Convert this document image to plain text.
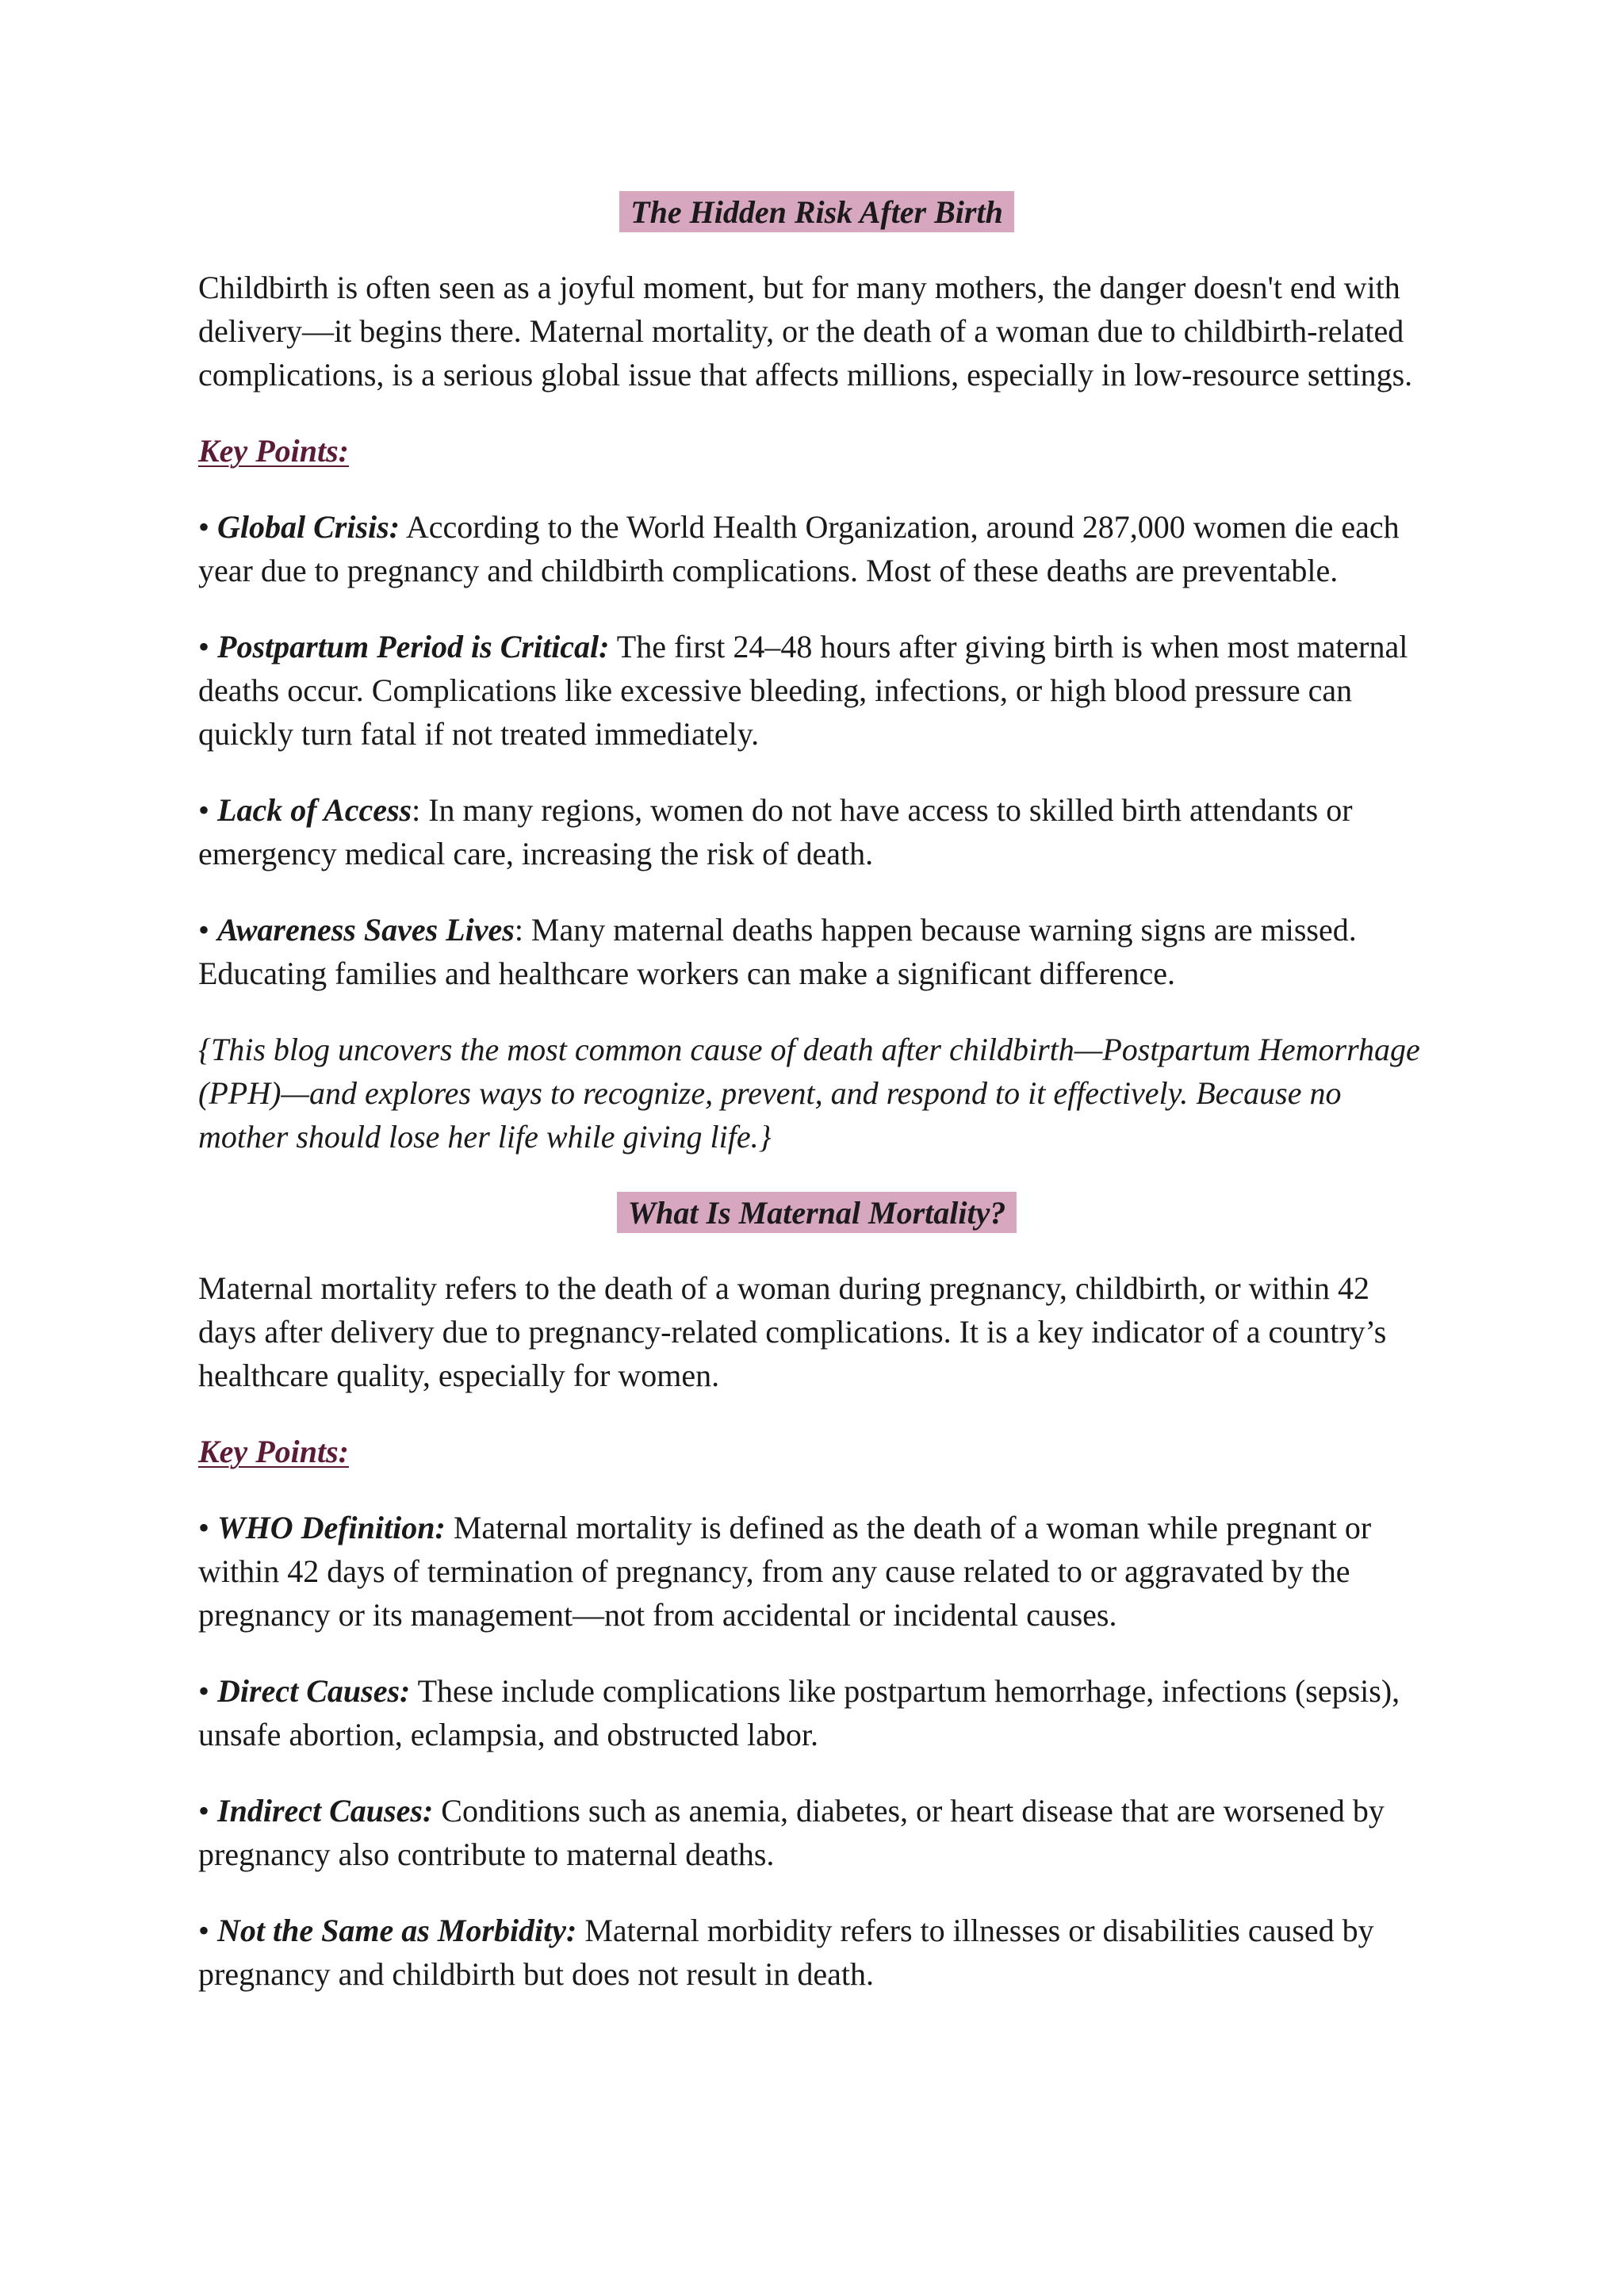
The Hidden Risk After Birth

Childbirth is often seen as a joyful moment, but for many mothers, the danger doesn't end with delivery—it begins there. Maternal mortality, or the death of a woman due to childbirth-related complications, is a serious global issue that affects millions, especially in low-resource settings.

Key Points:

• Global Crisis: According to the World Health Organization, around 287,000 women die each year due to pregnancy and childbirth complications. Most of these deaths are preventable.

• Postpartum Period is Critical: The first 24–48 hours after giving birth is when most maternal deaths occur. Complications like excessive bleeding, infections, or high blood pressure can quickly turn fatal if not treated immediately.

• Lack of Access: In many regions, women do not have access to skilled birth attendants or emergency medical care, increasing the risk of death.

• Awareness Saves Lives: Many maternal deaths happen because warning signs are missed. Educating families and healthcare workers can make a significant difference.

{This blog uncovers the most common cause of death after childbirth—Postpartum Hemorrhage (PPH)—and explores ways to recognize, prevent, and respond to it effectively. Because no mother should lose her life while giving life.}

What Is Maternal Mortality?

Maternal mortality refers to the death of a woman during pregnancy, childbirth, or within 42 days after delivery due to pregnancy-related complications. It is a key indicator of a country’s healthcare quality, especially for women.

Key Points:

• WHO Definition: Maternal mortality is defined as the death of a woman while pregnant or within 42 days of termination of pregnancy, from any cause related to or aggravated by the pregnancy or its management—not from accidental or incidental causes.

• Direct Causes: These include complications like postpartum hemorrhage, infections (sepsis), unsafe abortion, eclampsia, and obstructed labor.

• Indirect Causes: Conditions such as anemia, diabetes, or heart disease that are worsened by pregnancy also contribute to maternal deaths.

• Not the Same as Morbidity: Maternal morbidity refers to illnesses or disabilities caused by pregnancy and childbirth but does not result in death.
